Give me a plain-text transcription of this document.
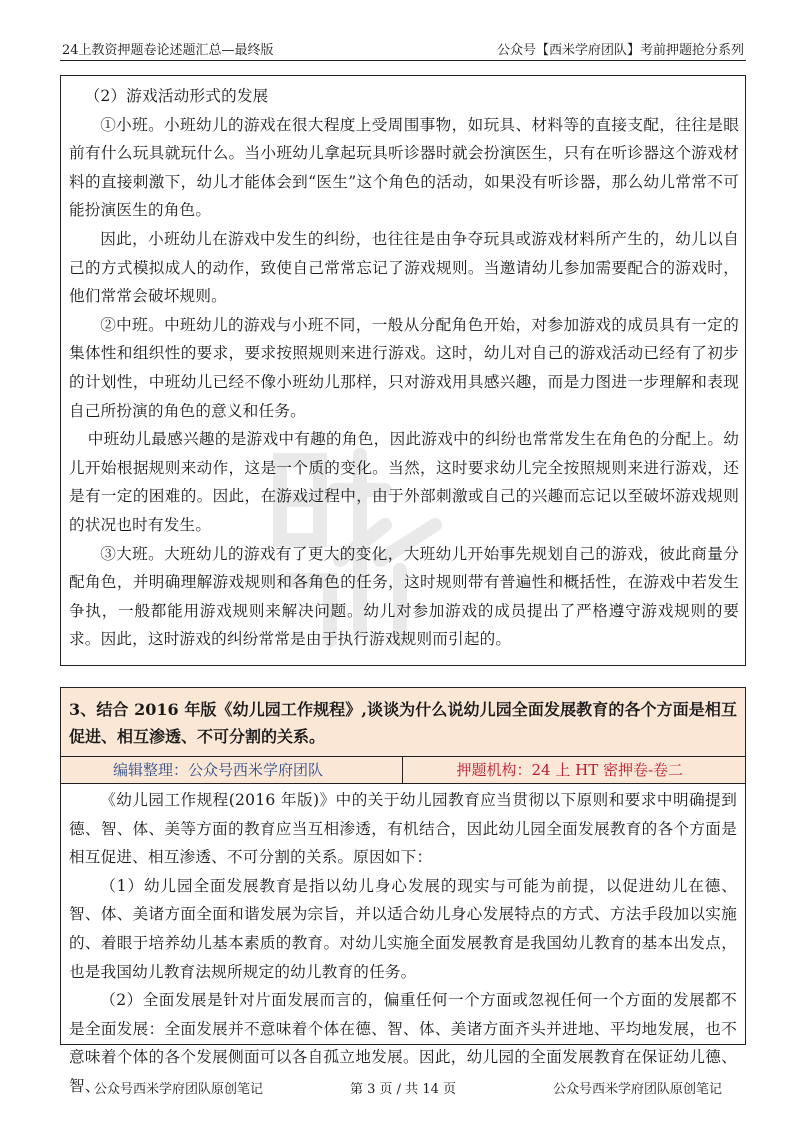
24上教资押题卷论述题汇总—最终版	公众号【西米学府团队】考前押题抢分系列

（2）游戏活动形式的发展

①小班。小班幼儿的游戏在很大程度上受周围事物，如玩具、材料等的直接支配，往往是眼前有什么玩具就玩什么。当小班幼儿拿起玩具听诊器时就会扮演医生，只有在听诊器这个游戏材料的直接刺激下，幼儿才能体会到“医生”这个角色的活动，如果没有听诊器，那么幼儿常常不可能扮演医生的角色。

因此，小班幼儿在游戏中发生的纠纷，也往往是由争夺玩具或游戏材料所产生的，幼儿以自己的方式模拟成人的动作，致使自己常常忘记了游戏规则。当邀请幼儿参加需要配合的游戏时，他们常常会破坏规则。

②中班。中班幼儿的游戏与小班不同，一般从分配角色开始，对参加游戏的成员具有一定的集体性和组织性的要求，要求按照规则来进行游戏。这时，幼儿对自己的游戏活动已经有了初步的计划性，中班幼儿已经不像小班幼儿那样，只对游戏用具感兴趣，而是力图进一步理解和表现自己所扮演的角色的意义和任务。

中班幼儿最感兴趣的是游戏中有趣的角色，因此游戏中的纠纷也常常发生在角色的分配上。幼儿开始根据规则来动作，这是一个质的变化。当然，这时要求幼儿完全按照规则来进行游戏，还是有一定的困难的。因此，在游戏过程中，由于外部刺激或自己的兴趣而忘记以至破坏游戏规则的状况也时有发生。

③大班。大班幼儿的游戏有了更大的变化，大班幼儿开始事先规划自己的游戏，彼此商量分配角色，并明确理解游戏规则和各角色的任务，这时规则带有普遍性和概括性，在游戏中若发生争执，一般都能用游戏规则来解决问题。幼儿对参加游戏的成员提出了严格遵守游戏规则的要求。因此，这时游戏的纠纷常常是由于执行游戏规则而引起的。

3、结合 2016 年版《幼儿园工作规程》,谈谈为什么说幼儿园全面发展教育的各个方面是相互促进、相互渗透、不可分割的关系。
编辑整理：公众号西米学府团队	押题机构：24 上 HT 密押卷-卷二

《幼儿园工作规程(2016 年版)》中的关于幼儿园教育应当贯彻以下原则和要求中明确提到德、智、体、美等方面的教育应当互相渗透，有机结合，因此幼儿园全面发展教育的各个方面是相互促进、相互渗透、不可分割的关系。原因如下：

（1）幼儿园全面发展教育是指以幼儿身心发展的现实与可能为前提，以促进幼儿在德、智、体、美诸方面全面和谐发展为宗旨，并以适合幼儿身心发展特点的方式、方法手段加以实施的、着眼于培养幼儿基本素质的教育。对幼儿实施全面发展教育是我国幼儿教育的基本出发点，也是我国幼儿教育法规所规定的幼儿教育的任务。

（2）全面发展是针对片面发展而言的，偏重任何一个方面或忽视任何一个方面的发展都不是全面发展：全面发展并不意味着个体在德、智、体、美诸方面齐头并进地、平均地发展，也不意味着个体的各个发展侧面可以各自孤立地发展。因此，幼儿园的全面发展教育在保证幼儿德、智、

公众号西米学府团队原创笔记	第 3 页 / 共 14 页	公众号西米学府团队原创笔记
